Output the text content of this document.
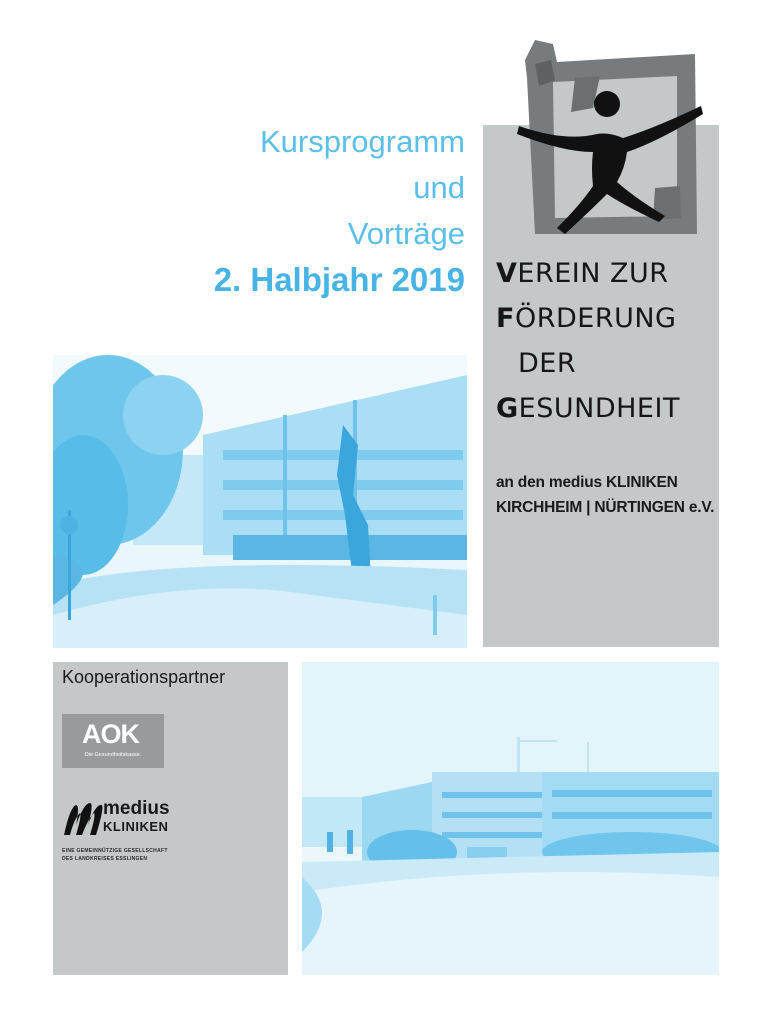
Kursprogramm
und
Vorträge
2. Halbjahr 2019 VEREIN ZUR
FÖRDERUNG
DER
GESUNDHEIT
an den medius KLINIKEN
KIRCHHEIM | NÜRTINGEN e.V.
Kooperationspartner
AOK
Die Gesundheitskasse.
medius
KLINIKEN
EINE GEMEINNÜTZIGE GESELLSCHAFT
DES LANDKREISES ESSLINGEN
